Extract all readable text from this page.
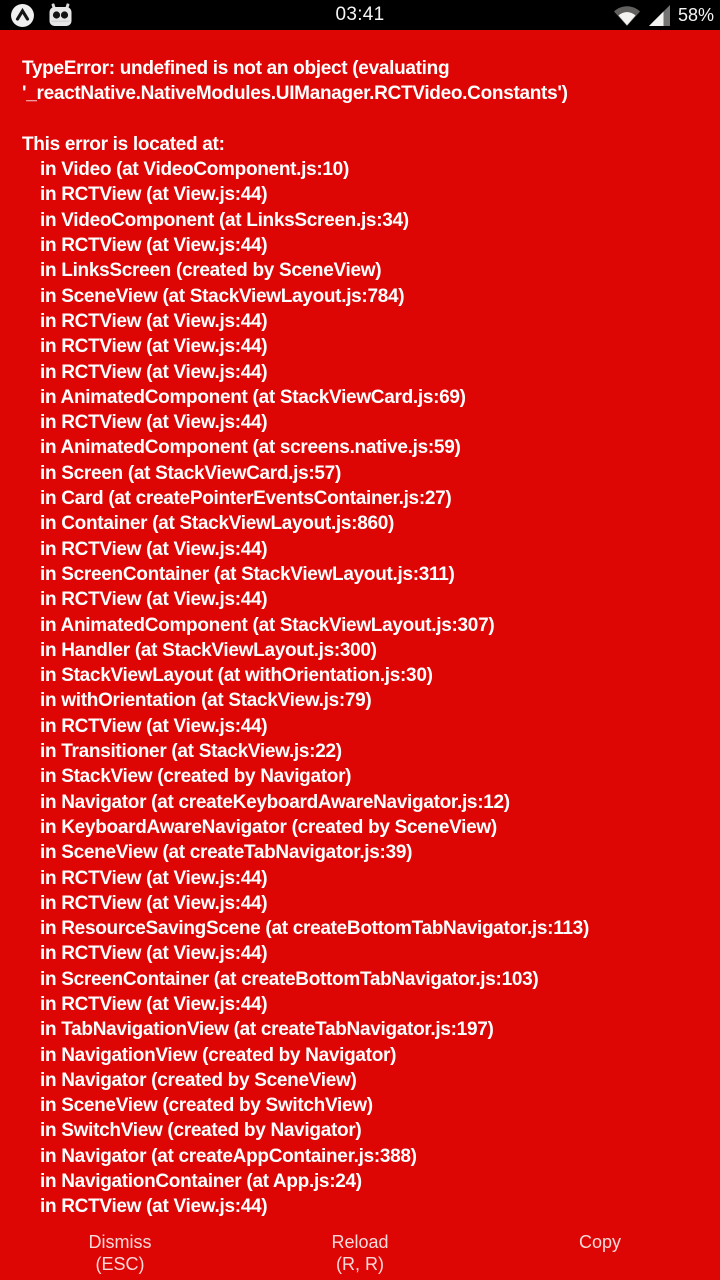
03:41	58%
TypeError: undefined is not an object (evaluating '_reactNative.NativeModules.UIManager.RCTVideo.Constants')
This error is located at:
in Video (at VideoComponent.js:10)
in RCTView (at View.js:44)
in VideoComponent (at LinksScreen.js:34)
in RCTView (at View.js:44)
in LinksScreen (created by SceneView)
in SceneView (at StackViewLayout.js:784)
in RCTView (at View.js:44)
in RCTView (at View.js:44)
in RCTView (at View.js:44)
in AnimatedComponent (at StackViewCard.js:69)
in RCTView (at View.js:44)
in AnimatedComponent (at screens.native.js:59)
in Screen (at StackViewCard.js:57)
in Card (at createPointerEventsContainer.js:27)
in Container (at StackViewLayout.js:860)
in RCTView (at View.js:44)
in ScreenContainer (at StackViewLayout.js:311)
in RCTView (at View.js:44)
in AnimatedComponent (at StackViewLayout.js:307)
in Handler (at StackViewLayout.js:300)
in StackViewLayout (at withOrientation.js:30)
in withOrientation (at StackView.js:79)
in RCTView (at View.js:44)
in Transitioner (at StackView.js:22)
in StackView (created by Navigator)
in Navigator (at createKeyboardAwareNavigator.js:12)
in KeyboardAwareNavigator (created by SceneView)
in SceneView (at createTabNavigator.js:39)
in RCTView (at View.js:44)
in RCTView (at View.js:44)
in ResourceSavingScene (at createBottomTabNavigator.js:113)
in RCTView (at View.js:44)
in ScreenContainer (at createBottomTabNavigator.js:103)
in RCTView (at View.js:44)
in TabNavigationView (at createTabNavigator.js:197)
in NavigationView (created by Navigator)
in Navigator (created by SceneView)
in SceneView (created by SwitchView)
in SwitchView (created by Navigator)
in Navigator (at createAppContainer.js:388)
in NavigationContainer (at App.js:24)
in RCTView (at View.js:44)
Dismiss
(ESC)
Reload
(R, R)
Copy
